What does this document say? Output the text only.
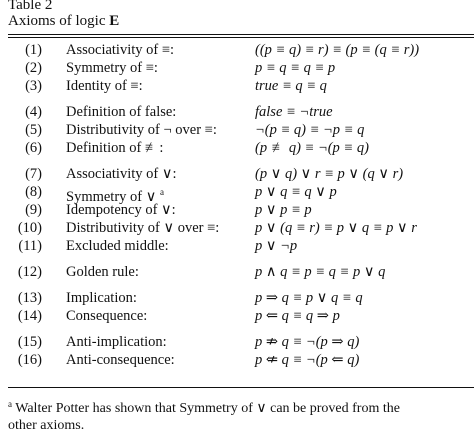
Table 2
Axioms of logic E
(1) Associativity of ≡:	((p ≡ q) ≡ r) ≡ (p ≡ (q ≡ r))
(2) Symmetry of ≡:	p ≡ q ≡ q ≡ p
(3) Identity of ≡:	true ≡ q ≡ q
(4) Definition of false:	false ≡ ¬true
(5) Distributivity of ¬ over ≡:	¬(p ≡ q) ≡ ¬p ≡ q
(6) Definition of ≢:	(p ≢ q) ≡ ¬(p ≡ q)
(7) Associativity of ∨:	(p ∨ q) ∨ r ≡ p ∨ (q ∨ r)
(8) Symmetry of ∨ $^a$	p ∨ q ≡ q ∨ p
(9) Idempotency of ∨:	p ∨ p ≡ p
(10) Distributivity of ∨ over ≡: p ∨ (q ≡ r) ≡ p ∨ q ≡ p ∨ r
(11) Excluded middle:	p ∨ ¬p
(12) Golden rule:	p ∧ q ≡ p ≡ q ≡ p ∨ q
(13) Implication:	p ⇒ q ≡ p ∨ q ≡ q
(14) Consequence:	p ⇐ q ≡ q ⇒ p
(15) Anti-implication:	p ⇏ q ≡ ¬(p ⇒ q)
(16) Anti-consequence:	p ⇍ q ≡ ¬(p ⇐ q)
$^a$ Walter Potter has shown that Symmetry of ∨ can be proved from the
other axioms.
